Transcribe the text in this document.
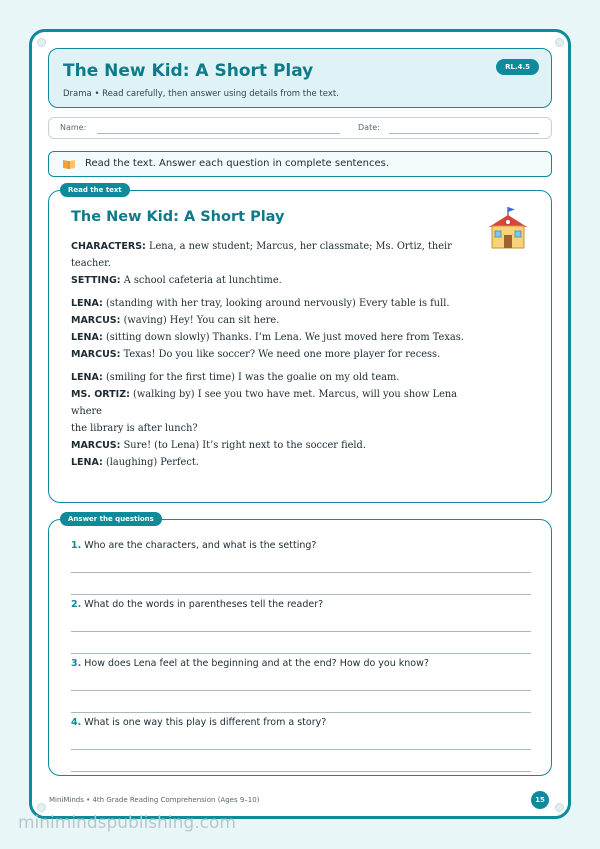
The New Kid: A Short Play
Drama • Read carefully, then answer using details from the text.
RL.4.5
Name:	Date:
Read the text. Answer each question in complete sentences.
The New Kid: A Short Play

CHARACTERS: Lena, a new student; Marcus, her classmate; Ms. Ortiz, their
teacher.
SETTING: A school cafeteria at lunchtime.

LENA: (standing with her tray, looking around nervously) Every table is full.
MARCUS: (waving) Hey! You can sit here.
LENA: (sitting down slowly) Thanks. I’m Lena. We just moved here from Texas.
MARCUS: Texas! Do you like soccer? We need one more player for recess.

LENA: (smiling for the first time) I was the goalie on my old team.
MS. ORTIZ: (walking by) I see you two have met. Marcus, will you show Lena where
the library is after lunch?
MARCUS: Sure! (to Lena) It’s right next to the soccer field.
LENA: (laughing) Perfect.

Read the text
1. Who are the characters, and what is the setting?
2. What do the words in parentheses tell the reader?
3. How does Lena feel at the beginning and at the end? How do you know?
4. What is one way this play is different from a story?
Answer the questions
MiniMinds • 4th Grade Reading Comprehension (Ages 9–10)	15
minimindspublishing.com
